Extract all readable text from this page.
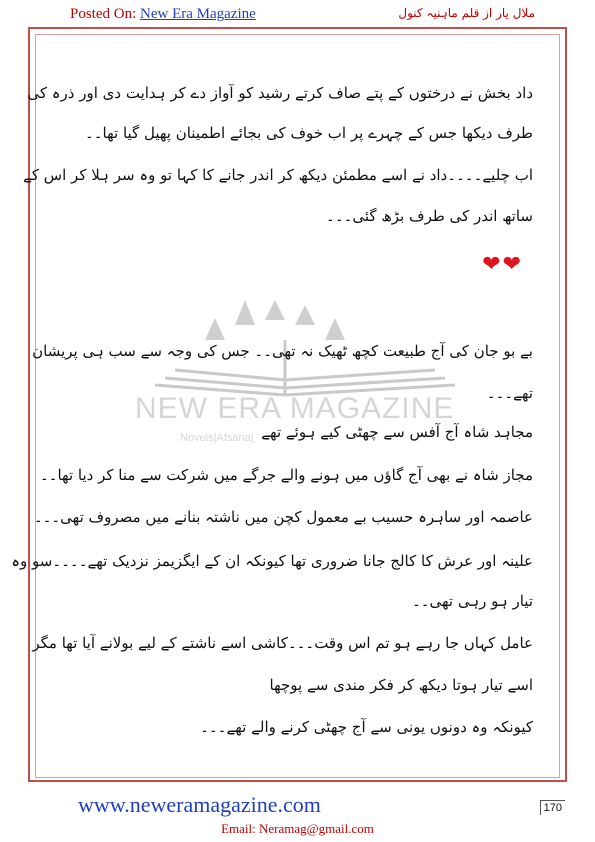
Posted On: New Era Magazine	ملال یار از قلم ماہنیہ کنول
NEW ERA MAGAZINE
Novels|Afsana|
داد بخش نے درختوں کے پتے صاف کرتے رشید کو آواز دے کر ہدایت دی اور ذرہ کی
طرف دیکھا جس کے چہرے پر اب خوف کی بجائے اطمینان پھیل گیا تھا۔۔
اب چلیے۔۔۔۔داد نے اسے مطمئن دیکھ کر اندر جانے کا کہا تو وہ سر ہلا کر اس کے
ساتھ اندر کی طرف بڑھ گئی۔۔۔
❤❤
بے بو جان کی آج طبیعت کچھ ٹھیک نہ تھی۔۔ جس کی وجہ سے سب ہی پریشان
تھے۔۔۔
مجاہد شاہ آج آفس سے چھٹی کیے ہوئے تھے
مجاز شاہ نے بھی آج گاؤں میں ہونے والے جرگے میں شرکت سے منا کر دیا تھا۔۔
عاصمہ اور ساہرہ حسیب بے معمول کچن میں ناشتہ بنانے میں مصروف تھی۔۔۔
علینہ اور عرش کا کالج جانا ضروری تھا کیونکہ ان کے ایگزیمز نزدیک تھے۔۔۔۔سو وہ
تیار ہو رہی تھی۔۔
عامل کہاں جا رہے ہو تم اس وقت۔۔۔کاشی اسے ناشتے کے لیے بولانے آیا تھا مگر
اسے تیار ہوتا دیکھ کر فکر مندی سے پوچھا
کیونکہ وہ دونوں یونی سے آج چھٹی کرنے والے تھے۔۔۔
www.neweramagazine.com	170
Email: Neramag@gmail.com
